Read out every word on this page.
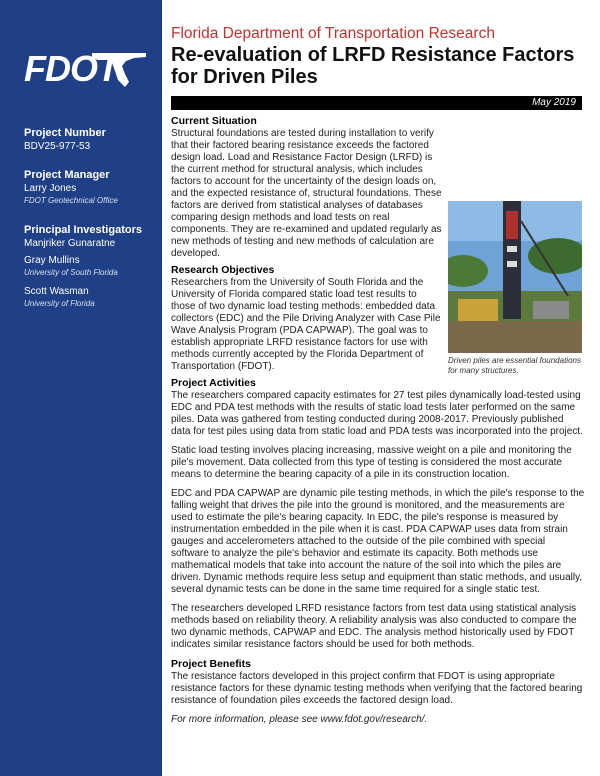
FDOT
Project Number
BDV25-977-53
Project Manager
Larry Jones
FDOT Geotechnical Office
Principal Investigators
Manjriker Gunaratne
Gray Mullins
University of South Florida
Scott Wasman
University of Florida
Florida Department of Transportation Research
Re-evaluation of LRFD Resistance Factors for Driven Piles
May 2019
Driven piles are essential foundations for many structures.
Current Situation

Structural foundations are tested during installation to verify that their factored bearing resistance exceeds the factored design load. Load and Resistance Factor Design (LRFD) is the current method for structural analysis, which includes factors to account for the uncertainty of the design loads on, and the expected resistance of, structural foundations. These factors are derived from statistical analyses of databases comparing design methods and load tests on real components. They are re-examined and updated regularly as new methods of testing and new methods of calculation are developed.

Research Objectives

Researchers from the University of South Florida and the University of Florida compared static load test results to those of two dynamic load testing methods: embedded data collectors (EDC) and the Pile Driving Analyzer with Case Pile Wave Analysis Program (PDA CAPWAP). The goal was to establish appropriate LRFD resistance factors for use with methods currently accepted by the Florida Department of Transportation (FDOT).

Project Activities

The researchers compared capacity estimates for 27 test piles dynamically load-tested using EDC and PDA test methods with the results of static load tests later performed on the same piles. Data was gathered from testing conducted during 2008-2017. Previously published data for test piles using data from static load and PDA tests was incorporated into the project.

Static load testing involves placing increasing, massive weight on a pile and monitoring the pile's movement. Data collected from this type of testing is considered the most accurate means to determine the bearing capacity of a pile in its construction location.

EDC and PDA CAPWAP are dynamic pile testing methods, in which the pile's response to the falling weight that drives the pile into the ground is monitored, and the measurements are used to estimate the pile's bearing capacity. In EDC, the pile's response is measured by instrumentation embedded in the pile when it is cast. PDA CAPWAP uses data from strain gauges and accelerometers attached to the outside of the pile combined with special software to analyze the pile's behavior and estimate its capacity. Both methods use mathematical models that take into account the nature of the soil into which the piles are driven. Dynamic methods require less setup and equipment than static methods, and usually, several dynamic tests can be done in the same time required for a single static test.

The researchers developed LRFD resistance factors from test data using statistical analysis methods based on reliability theory. A reliability analysis was also conducted to compare the two dynamic methods, CAPWAP and EDC. The analysis method historically used by FDOT indicates similar resistance factors should be used for both methods.

Project Benefits

The resistance factors developed in this project confirm that FDOT is using appropriate resistance factors for these dynamic testing methods when verifying that the factored bearing resistance of foundation piles exceeds the factored design load.

For more information, please see www.fdot.gov/research/.
